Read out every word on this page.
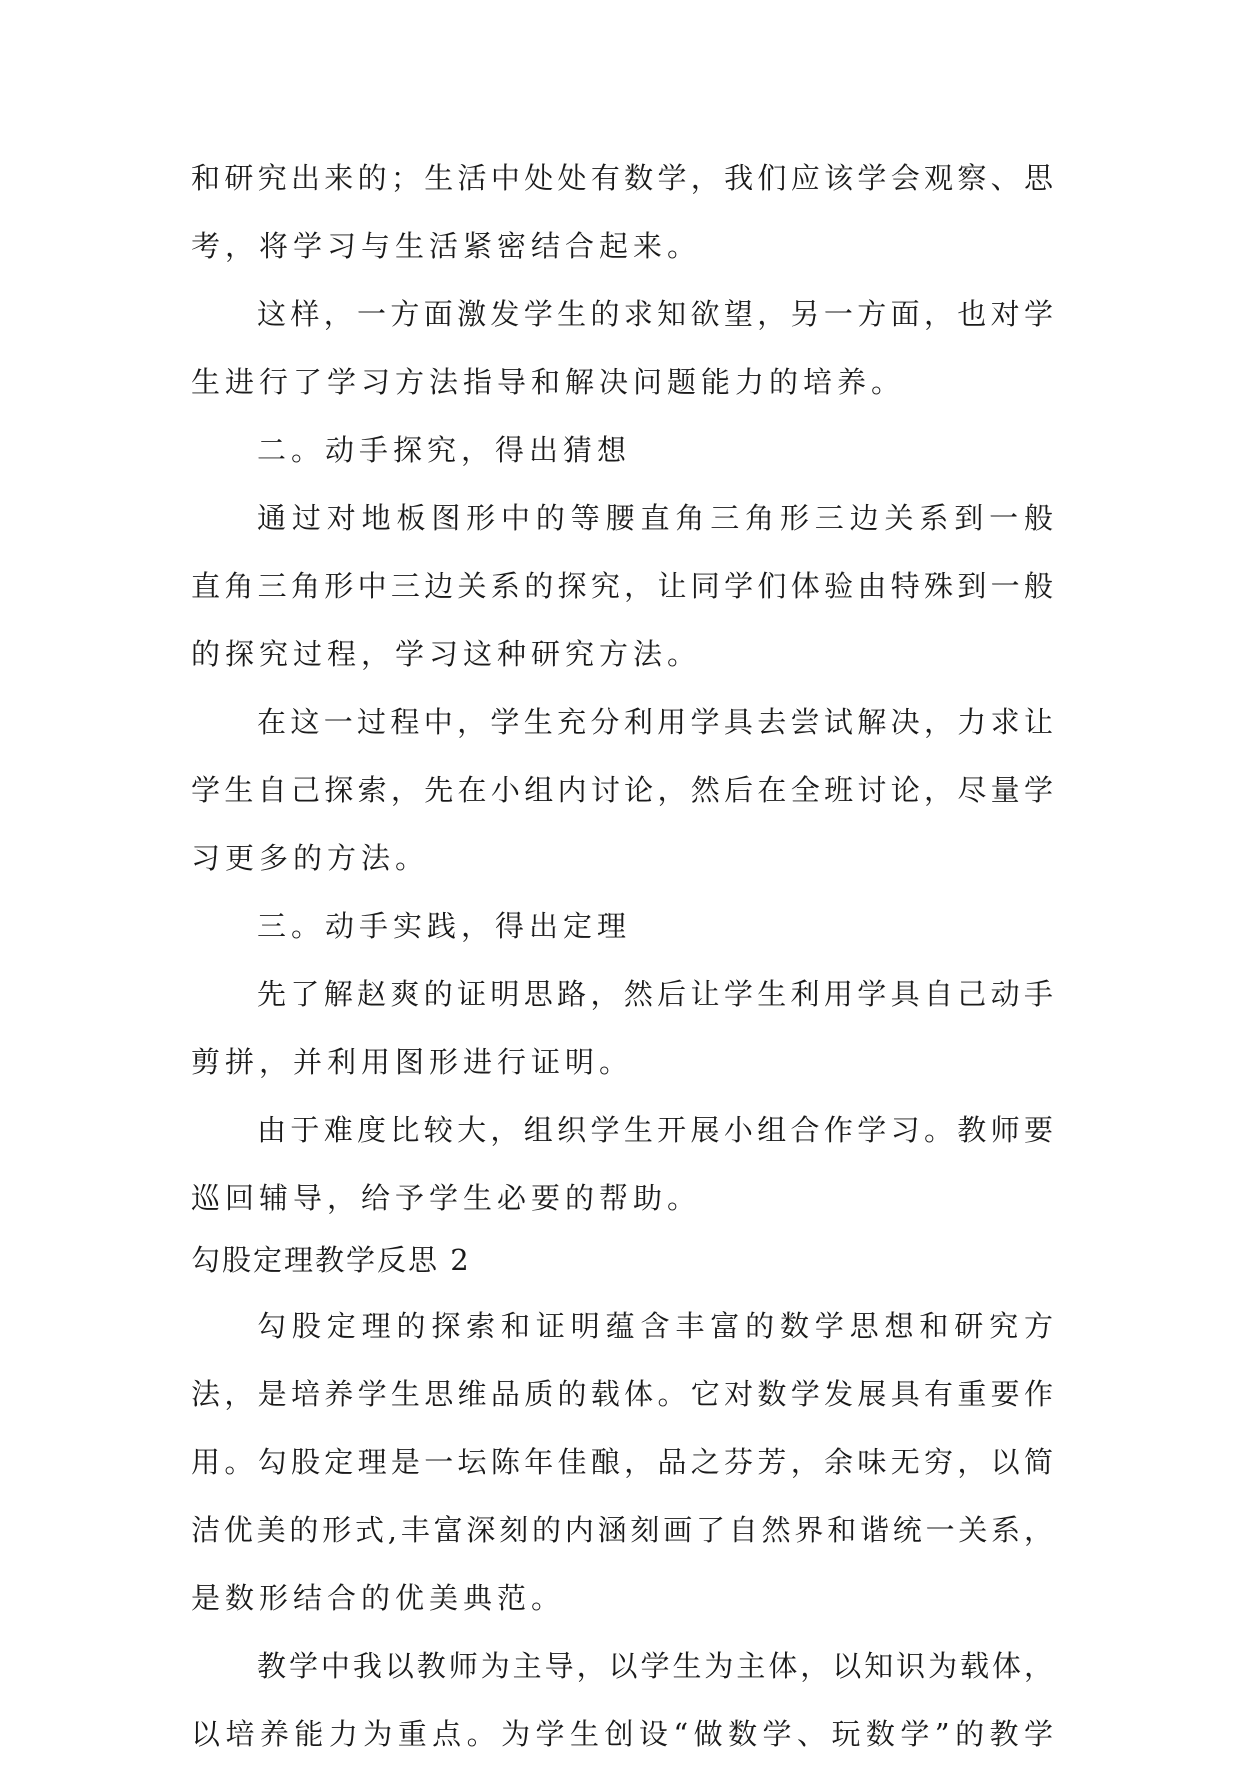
和研究出来的；生活中处处有数学，我们应该学会观察、思
考，将学习与生活紧密结合起来。
这样，一方面激发学生的求知欲望，另一方面，也对学
生进行了学习方法指导和解决问题能力的培养。
二。动手探究，得出猜想
通过对地板图形中的等腰直角三角形三边关系到一般
直角三角形中三边关系的探究，让同学们体验由特殊到一般
的探究过程，学习这种研究方法。
在这一过程中，学生充分利用学具去尝试解决，力求让
学生自己探索，先在小组内讨论，然后在全班讨论，尽量学
习更多的方法。
三。动手实践，得出定理
先了解赵爽的证明思路，然后让学生利用学具自己动手
剪拼，并利用图形进行证明。
由于难度比较大，组织学生开展小组合作学习。教师要
巡回辅导，给予学生必要的帮助。
勾股定理教学反思 2
勾股定理的探索和证明蕴含丰富的数学思想和研究方
法，是培养学生思维品质的载体。它对数学发展具有重要作
用。勾股定理是一坛陈年佳酿，品之芬芳，余味无穷，以简
洁优美的形式,丰富深刻的内涵刻画了自然界和谐统一关系，
是数形结合的优美典范。
教学中我以教师为主导，以学生为主体，以知识为载体，
以培养能力为重点。为学生创设“做数学、玩数学”的教学
